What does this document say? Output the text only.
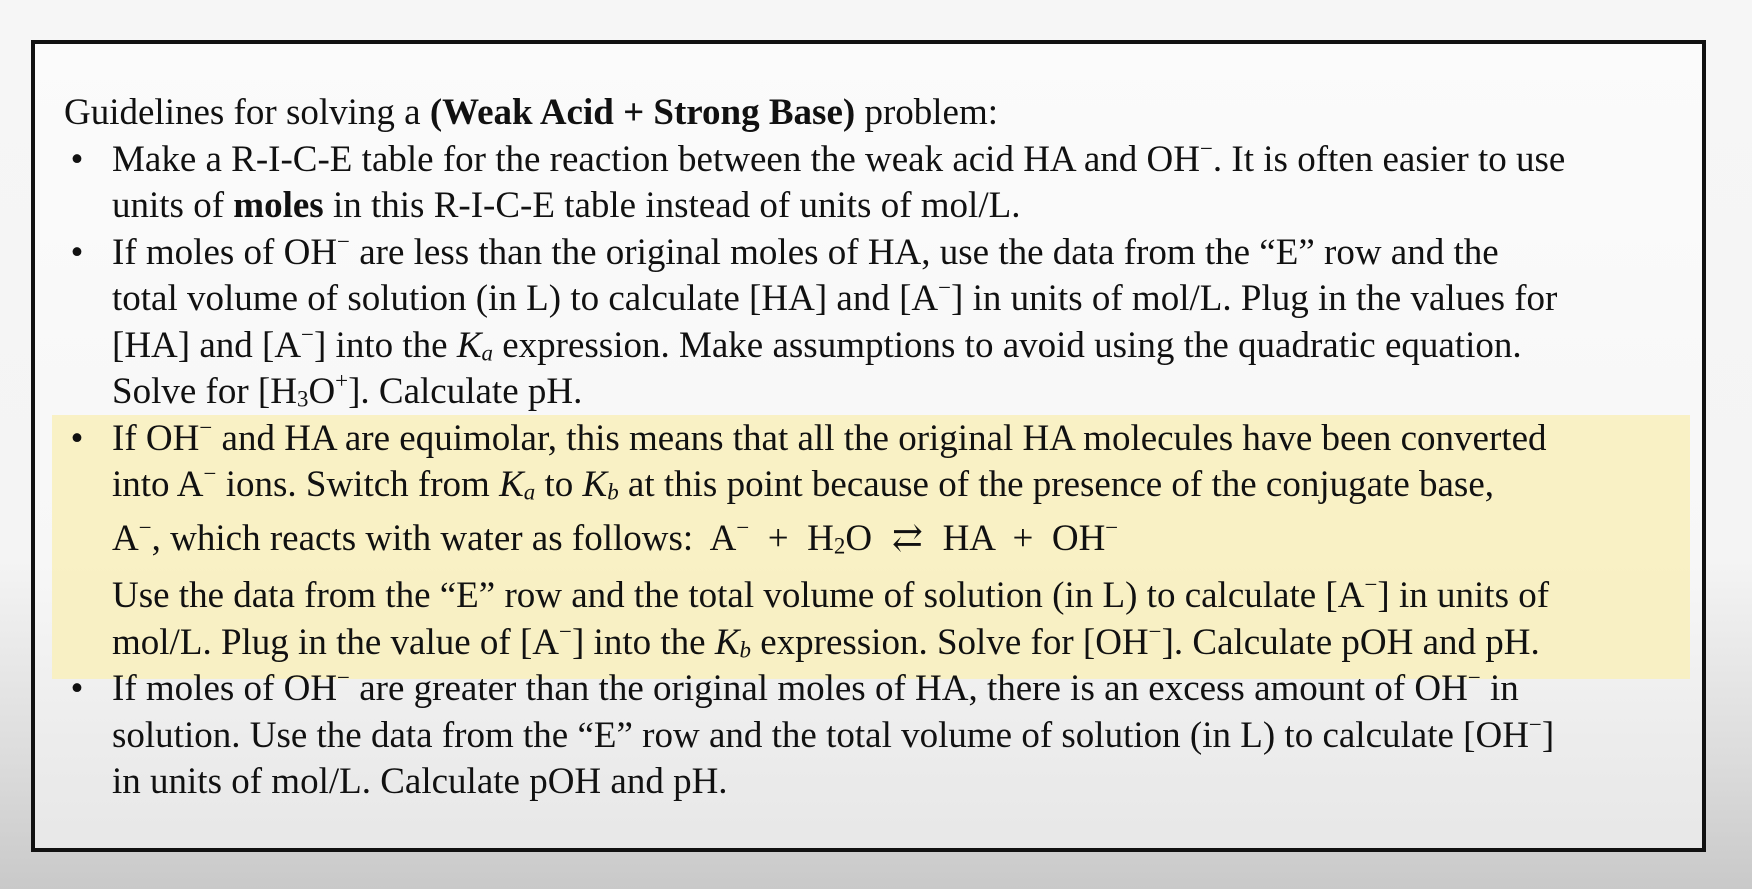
Guidelines for solving a (Weak Acid + Strong Base) problem:
• Make a R-I-C-E table for the reaction between the weak acid HA and OH−. It is often easier to use
units of moles in this R-I-C-E table instead of units of mol/L.
• If moles of OH− are less than the original moles of HA, use the data from the “E” row and the
total volume of solution (in L) to calculate [HA] and [A−] in units of mol/L. Plug in the values for
[HA] and [A−] into the $K_a$ expression. Make assumptions to avoid using the quadratic equation.
Solve for $[H_3O^+]$. Calculate pH.
• If OH− and HA are equimolar, this means that all the original HA molecules have been converted
into A− ions. Switch from $K_a$ to $K_b$ at this point because of the presence of the conjugate base,
A−, which reacts with water as follows:  $A^- + H_2O$ ⇄ HA  +  OH−
Use the data from the “E” row and the total volume of solution (in L) to calculate [A−] in units of
mol/L. Plug in the value of [A−] into the $K_b$ expression. Solve for [OH−]. Calculate pOH and pH.
• If moles of OH− are greater than the original moles of HA, there is an excess amount of OH− in
solution. Use the data from the “E” row and the total volume of solution (in L) to calculate [OH−]
in units of mol/L. Calculate pOH and pH.
